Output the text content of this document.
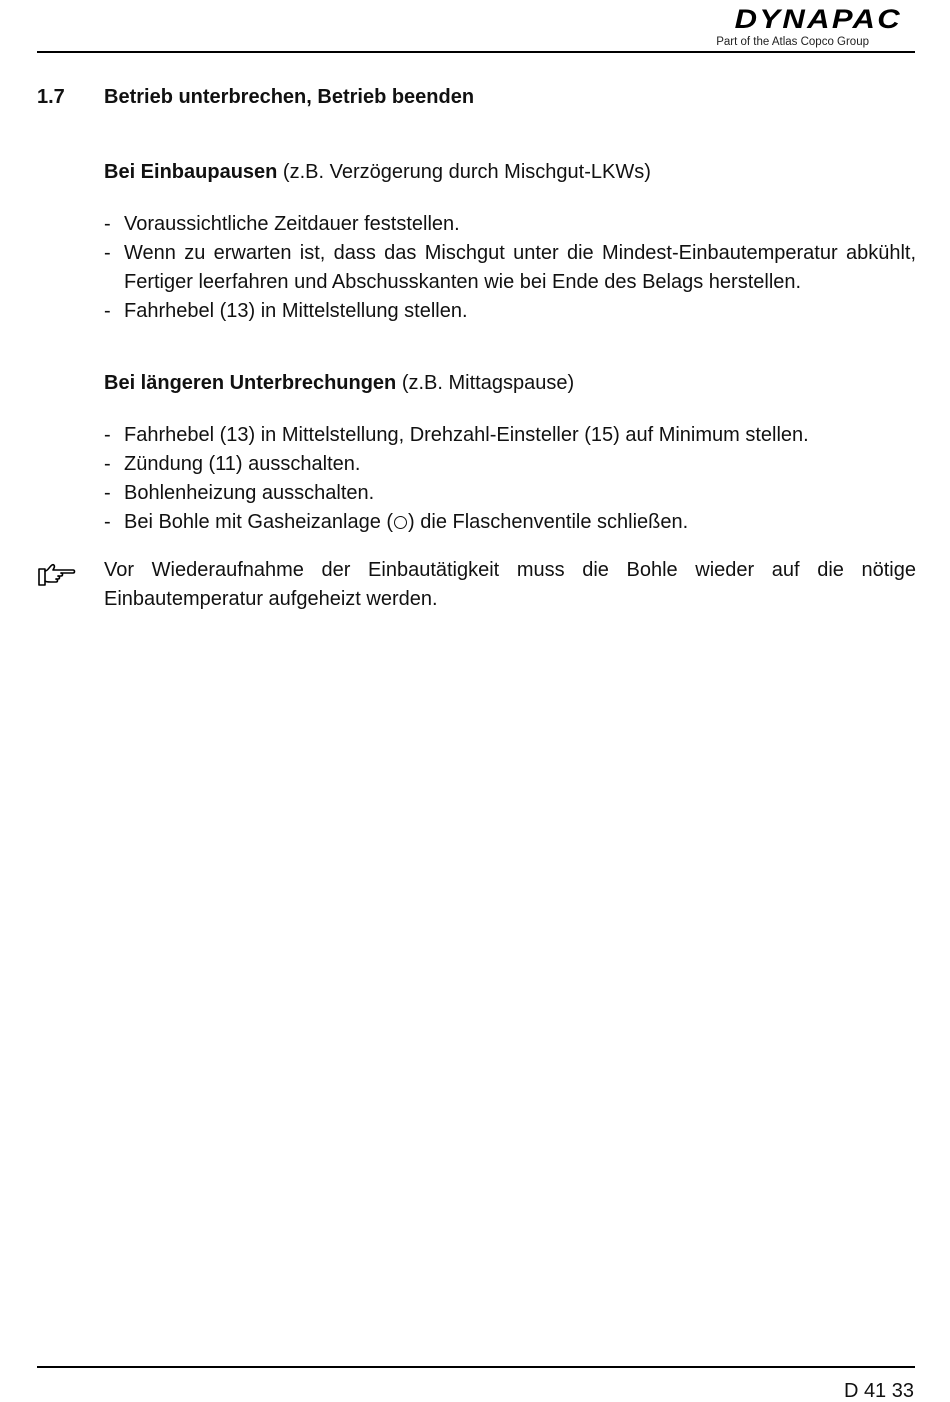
DYNAPAC
Part of the Atlas Copco Group
1.7 Betrieb unterbrechen, Betrieb beenden
Bei Einbaupausen (z.B. Verzögerung durch Mischgut-LKWs)
- Voraussichtliche Zeitdauer feststellen.
- Wenn zu erwarten ist, dass das Mischgut unter die Mindest-Einbautemperatur abkühlt, Fertiger leerfahren und Abschusskanten wie bei Ende des Belags herstellen.
- Fahrhebel (13) in Mittelstellung stellen.
Bei längeren Unterbrechungen (z.B. Mittagspause)
- Fahrhebel (13) in Mittelstellung, Drehzahl-Einsteller (15) auf Minimum stellen.
- Zündung (11) ausschalten.
- Bohlenheizung ausschalten.
- Bei Bohle mit Gasheizanlage ( ) die Flaschenventile schließen.
Vor Wiederaufnahme der Einbautätigkeit muss die Bohle wieder auf die nötige Einbautemperatur aufgeheizt werden.
D 41 33
